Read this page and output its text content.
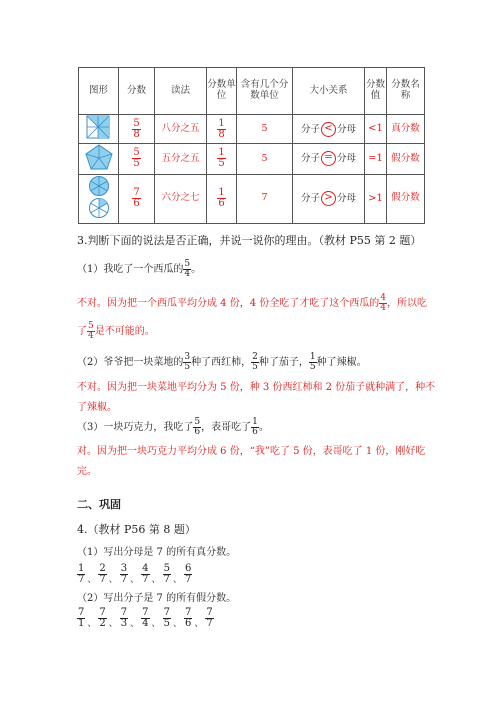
图形	分数	读法	分数单位	含有几个分数单位	大小关系	分数值	分数名称

$\frac{5}{8}$	八分之五	$\frac{1}{8}$	5	分子 < 分母	<1	真分数

$\frac{5}{5}$	五分之五	$\frac{1}{5}$	5	分子 = 分母	=1	假分数

$\frac{7}{6}$	六分之七	$\frac{1}{6}$	7	分子 > 分母	>1	假分数
3.判断下面的说法是否正确，并说一说你的理由。（教材 P55 第 2 题）
（1）我吃了一个西瓜的 $\frac{5}{4}$ 。
不对。因为把一个西瓜平均分成 4 份，4 份全吃了才吃了这个西瓜的 $\frac{4}{4}$ ，所以吃
了 $\frac{5}{4}$ 是不可能的。
（2）爷爷把一块菜地的 $\frac{3}{5}$ 种了西红柿， $\frac{2}{5}$ 种了茄子， $\frac{1}{5}$ 种了辣椒。
不对。因为把一块菜地平均分为 5 份，种 3 份西红柿和 2 份茄子就种满了，种不
了辣椒。
（3）一块巧克力，我吃了 $\frac{5}{6}$ ，表哥吃了 $\frac{1}{6}$ 。
对。因为把一块巧克力平均分成 6 份，“我”吃了 5 份，表哥吃了 1 份，刚好吃
完。
二、巩固
4.（教材 P56 第 8 题）
（1）写出分母是 7 的所有真分数。
1
7 、
2
7 、
3
7 、
4
7 、
5
7 、
6
7
（2）写出分子是 7 的所有假分数。
7
1 、
7
2 、
7
3 、
7
4 、
7
5 、
7
6 、
7
7
